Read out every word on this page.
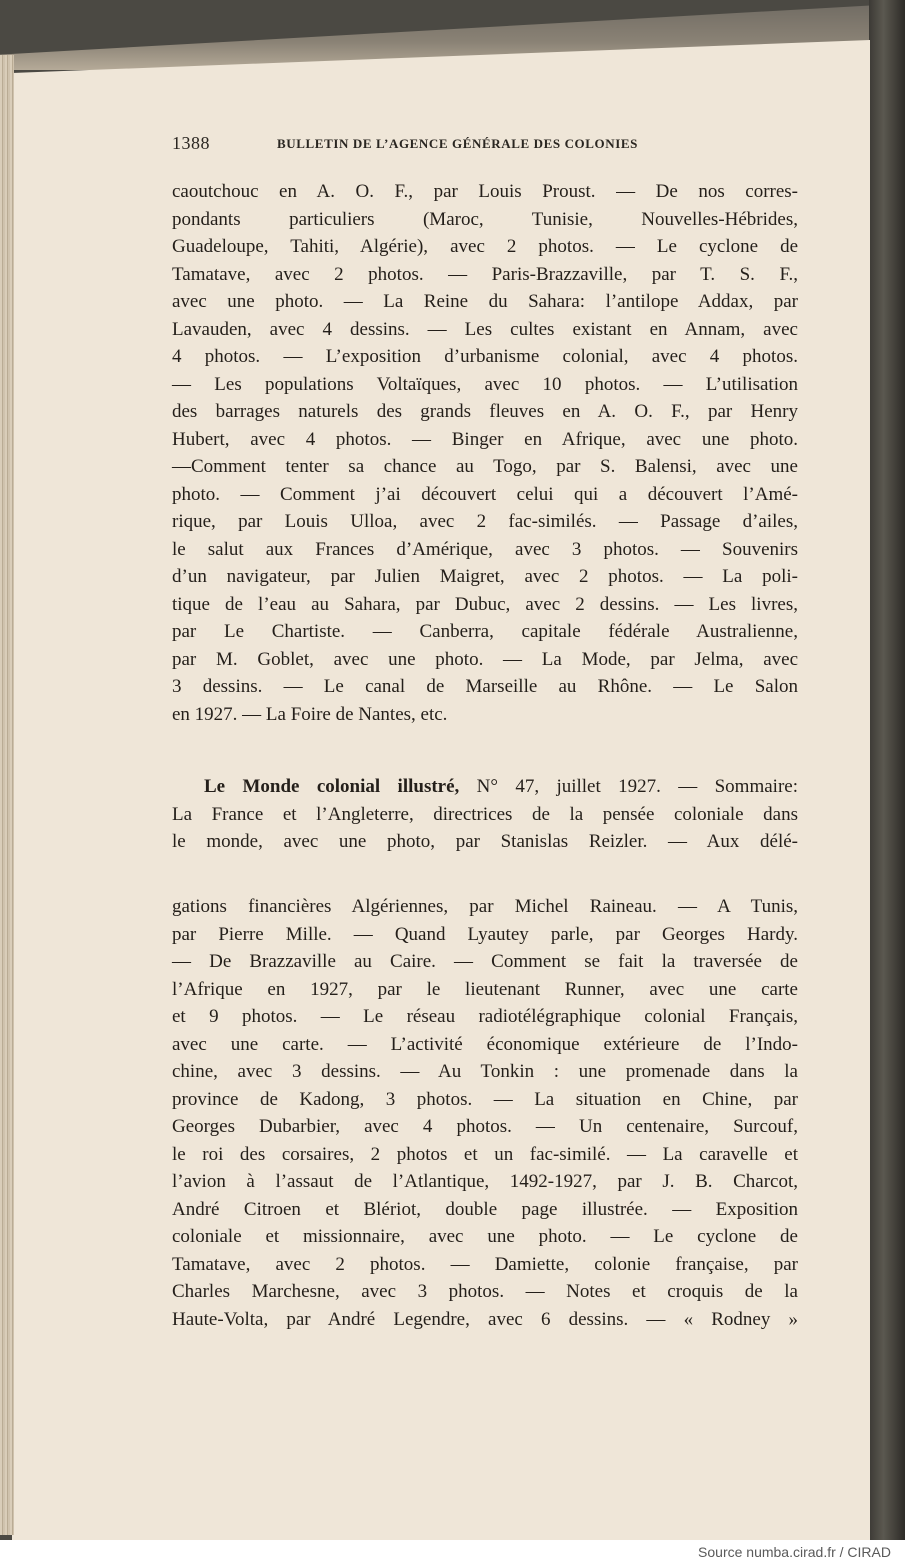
1388	BULLETIN DE L’AGENCE GÉNÉRALE DES COLONIES
caoutchouc en A. O. F., par Louis Proust. — De nos corres-
pondants particuliers (Maroc, Tunisie, Nouvelles-Hébrides,
Guadeloupe, Tahiti, Algérie), avec 2 photos. — Le cyclone de
Tamatave, avec 2 photos. — Paris-Brazzaville, par T. S. F.,
avec une photo. — La Reine du Sahara: l’antilope Addax, par
Lavauden, avec 4 dessins. — Les cultes existant en Annam, avec
4 photos. — L’exposition d’urbanisme colonial, avec 4 photos.
— Les populations Voltaïques, avec 10 photos. — L’utilisation
des barrages naturels des grands fleuves en A. O. F., par Henry
Hubert, avec 4 photos. — Binger en Afrique, avec une photo.
—Comment tenter sa chance au Togo, par S. Balensi, avec une
photo. — Comment j’ai découvert celui qui a découvert l’Amé-
rique, par Louis Ulloa, avec 2 fac-similés. — Passage d’ailes,
le salut aux Frances d’Amérique, avec 3 photos. — Souvenirs
d’un navigateur, par Julien Maigret, avec 2 photos. — La poli-
tique de l’eau au Sahara, par Dubuc, avec 2 dessins. — Les livres,
par Le Chartiste. — Canberra, capitale fédérale Australienne,
par M. Goblet, avec une photo. — La Mode, par Jelma, avec
3 dessins. — Le canal de Marseille au Rhône. — Le Salon
en 1927. — La Foire de Nantes, etc.
Le Monde colonial illustré, N° 47, juillet 1927. — Sommaire:
La France et l’Angleterre, directrices de la pensée coloniale dans
le monde, avec une photo, par Stanislas Reizler. — Aux délé-
gations financières Algériennes, par Michel Raineau. — A Tunis,
par Pierre Mille. — Quand Lyautey parle, par Georges Hardy.
— De Brazzaville au Caire. — Comment se fait la traversée de
l’Afrique en 1927, par le lieutenant Runner, avec une carte
et 9 photos. — Le réseau radiotélégraphique colonial Français,
avec une carte. — L’activité économique extérieure de l’Indo-
chine, avec 3 dessins. — Au Tonkin : une promenade dans la
province de Kadong, 3 photos. — La situation en Chine, par
Georges Dubarbier, avec 4 photos. — Un centenaire, Surcouf,
le roi des corsaires, 2 photos et un fac-similé. — La caravelle et
l’avion à l’assaut de l’Atlantique, 1492-1927, par J. B. Charcot,
André Citroen et Blériot, double page illustrée. — Exposition
coloniale et missionnaire, avec une photo. — Le cyclone de
Tamatave, avec 2 photos. — Damiette, colonie française, par
Charles Marchesne, avec 3 photos. — Notes et croquis de la
Haute-Volta, par André Legendre, avec 6 dessins. — « Rodney »
Source numba.cirad.fr / CIRAD
